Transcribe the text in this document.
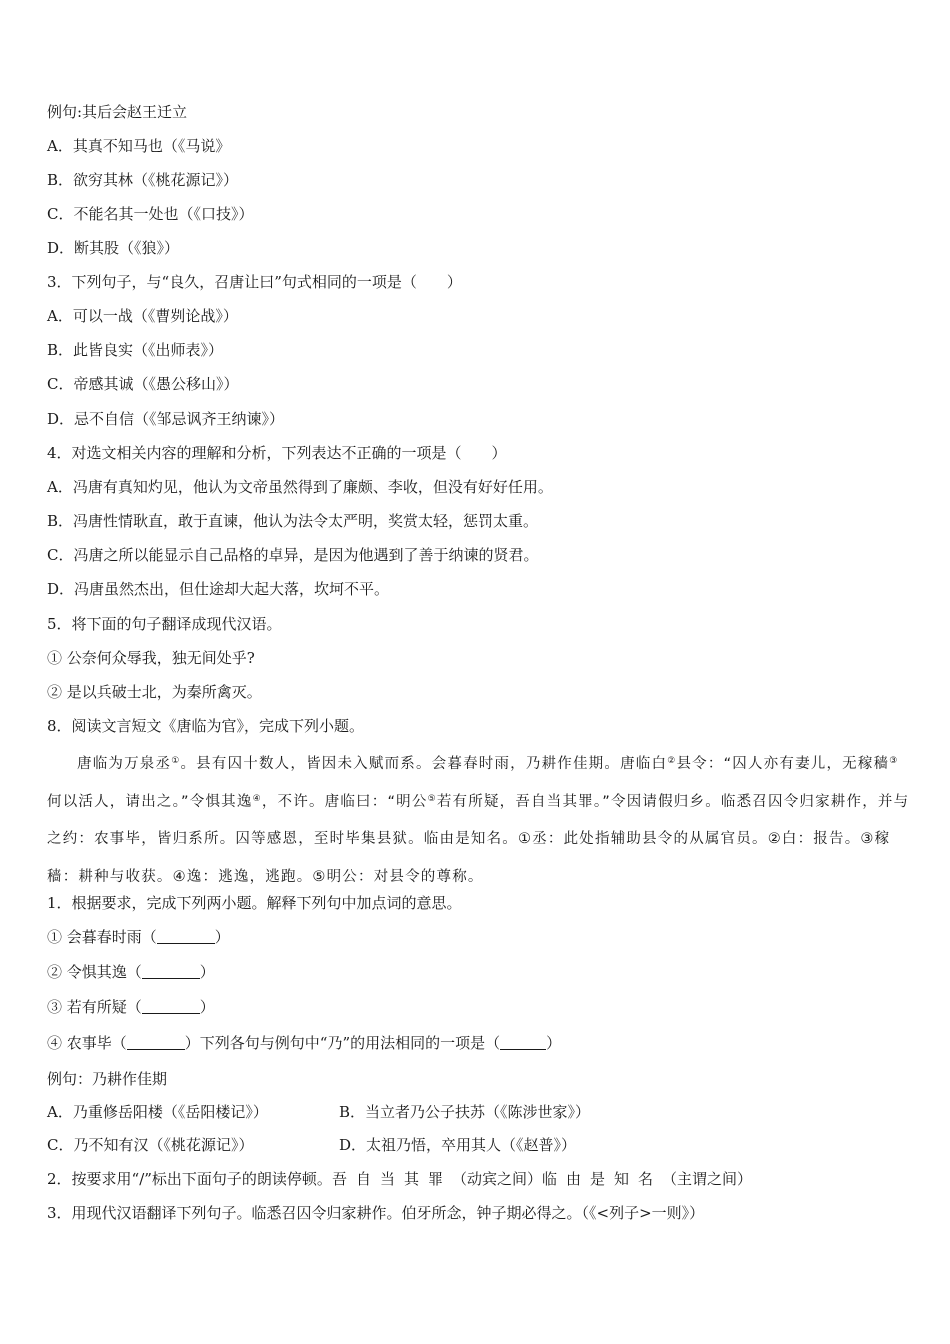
例句:其后会赵王迁立
A．其真不知马也（《马说》
B．欲穷其林（《桃花源记》）
C．不能名其一处也（《口技》）
D．断其股（《狼》）
3．下列句子，与“良久，召唐让曰”句式相同的一项是（　　）
A．可以一战（《曹刿论战》）
B．此皆良实（《出师表》）
C．帝感其诚（《愚公移山》）
D．忌不自信（《邹忌讽齐王纳谏》）
4．对选文相关内容的理解和分析，下列表达不正确的一项是（　　）
A．冯唐有真知灼见，他认为文帝虽然得到了廉颇、李收，但没有好好任用。
B．冯唐性情耿直，敢于直谏，他认为法令太严明，奖赏太轻，惩罚太重。
C．冯唐之所以能显示自己品格的卓异，是因为他遇到了善于纳谏的贤君。
D．冯唐虽然杰出，但仕途却大起大落，坎坷不平。
5．将下面的句子翻译成现代汉语。
① 公奈何众辱我，独无间处乎?
② 是以兵破士北，为秦所禽灭。
8．阅读文言短文《唐临为官》，完成下列小题。
唐临为万泉丞①。县有囚十数人，皆因未入赋而系。会暮春时雨，乃耕作佳期。唐临白②县令：“囚人亦有妻儿，无稼穑③何以活人，请出之。”令惧其逸④，不许。唐临曰：“明公⑤若有所疑，吾自当其罪。”令因请假归乡。临悉召囚令归家耕作，并与之约：农事毕，皆归系所。囚等感恩，至时毕集县狱。临由是知名。①丞：此处指辅助县令的从属官员。②白：报告。③稼穑：耕种与收获。④逸：逃逸，逃跑。⑤明公：对县令的尊称。
1．根据要求，完成下列两小题。解释下列句中加点词的意思。
① 会暮春时雨（	）
② 令惧其逸（	）
③ 若有所疑（	）
④ 农事毕（	）下列各句与例句中“乃”的用法相同的一项是（	）
例句：乃耕作佳期
A．乃重修岳阳楼（《岳阳楼记》）	B．当立者乃公子扶苏（《陈涉世家》）
C．乃不知有汉（《桃花源记》）	D．太祖乃悟，卒用其人（《赵普》）
2．按要求用“/”标出下面句子的朗读停顿。吾自当其罪（动宾之间）临由是知名（主谓之间）
3．用现代汉语翻译下列句子。临悉召囚令归家耕作。伯牙所念，钟子期必得之。（《<列子>一则》）
